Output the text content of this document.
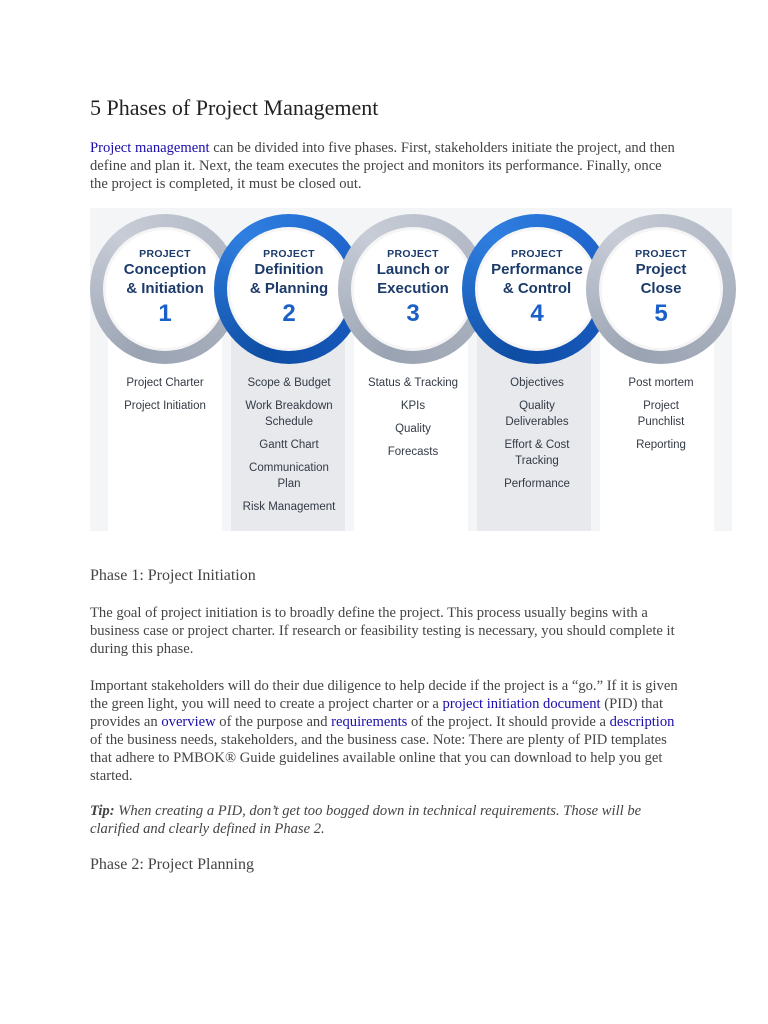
5 Phases of Project Management

Project management can be divided into five phases. First, stakeholders initiate the project, and then define and plan it. Next, the team executes the project and monitors its performance. Finally, once the project is completed, it must be closed out.

PROJECT
Conception
& Initiation
1
PROJECT
Definition
& Planning
2
PROJECT
Launch or
Execution
3
PROJECT
Performance
& Control
4
PROJECT
Project
Close
5
Project Charter
Project Initiation
Scope & Budget
Work Breakdown Schedule
Gantt Chart
Communication Plan
Risk Management
Status & Tracking
KPIs
Quality
Forecasts
Objectives
Quality Deliverables
Effort & Cost Tracking
Performance
Post mortem
Project Punchlist
Reporting
Phase 1: Project Initiation

The goal of project initiation is to broadly define the project. This process usually begins with a business case or project charter. If research or feasibility testing is necessary, you should complete it during this phase.

Important stakeholders will do their due diligence to help decide if the project is a “go.” If it is given the green light, you will need to create a project charter or a project initiation document (PID) that provides an overview of the purpose and requirements of the project. It should provide a description of the business needs, stakeholders, and the business case. Note: There are plenty of PID templates that adhere to PMBOK® Guide guidelines available online that you can download to help you get started.

Tip: When creating a PID, don’t get too bogged down in technical requirements. Those will be clarified and clearly defined in Phase 2.

Phase 2: Project Planning
